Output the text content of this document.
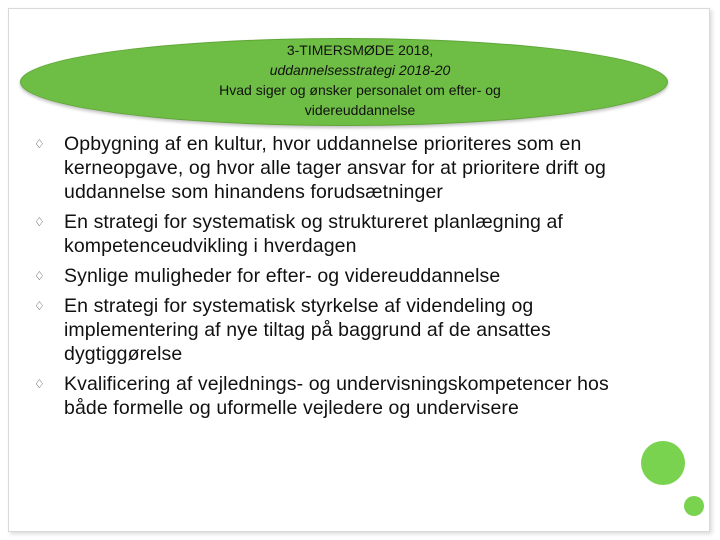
3-TIMERSMØDE 2018,
uddannelsesstrategi 2018-20
Hvad siger og ønsker personalet om efter- og
videreuddannelse
♢ Opbygning af en kultur, hvor uddannelse prioriteres som en kerneopgave, og hvor alle tager ansvar for at prioritere drift og uddannelse som hinandens forudsætninger
♢ En strategi for systematisk og struktureret planlægning af kompetenceudvikling i hverdagen
♢ Synlige muligheder for efter- og videreuddannelse
♢ En strategi for systematisk styrkelse af videndeling og implementering af nye tiltag på baggrund af de ansattes dygtiggørelse
♢ Kvalificering af vejlednings- og undervisningskompetencer hos både formelle og uformelle vejledere og undervisere
